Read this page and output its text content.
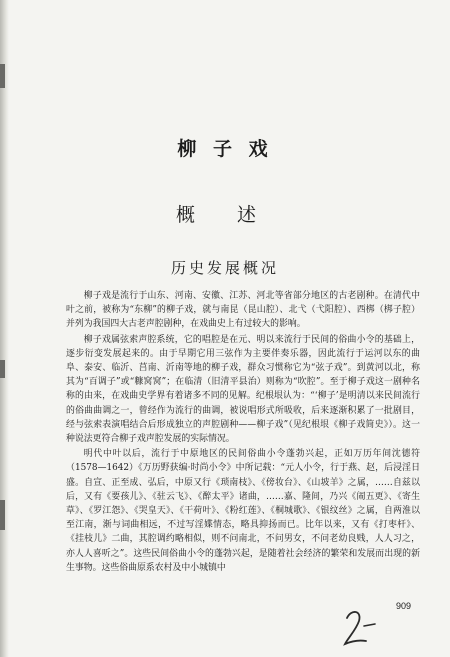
柳 子 戏
概 述
历史发展概况

柳子戏是流行于山东、河南、安徽、江苏、河北等省部分地区的古老剧种。在清代中叶之前，被称为“东柳”的柳子戏，就与南昆（昆山腔）、北弋（弋阳腔）、西梆（梆子腔）并列为我国四大古老声腔剧种，在戏曲史上有过较大的影响。

柳子戏属弦索声腔系统，它的唱腔是在元、明以来流行于民间的俗曲小令的基础上，逐步衍变发展起来的。由于早期它用三弦作为主要伴奏乐器，因此流行于运河以东的曲阜、泰安、临沂、莒南、沂南等地的柳子戏，群众习惯称它为“弦子戏”。到黄河以北，称其为“百调子”或“糠窝窝”；在临清（旧清平县治）则称为“吹腔”。至于柳子戏这一剧种名称的由来，在戏曲史学界有着诸多不同的见解。纪根垠认为：“‘柳子’是明清以来民间流行的俗曲曲调之一，曾经作为流行的曲调，被说唱形式所吸收，后来逐渐积累了一批剧目，经与弦索表演唱结合后形成独立的声腔剧种——柳子戏”（见纪根垠《柳子戏简史》）。这一种说法更符合柳子戏声腔发展的实际情况。

明代中叶以后，流行于中原地区的民间俗曲小令蓬勃兴起，正如万历年间沈德符（1578—1642）《万历野获编·时尚小令》中所记载：“元人小令，行于燕、赵，后浸淫日盛。自宣、正至成、弘后，中原又行《琐南枝》、《傍妆台》、《山坡羊》之属，……自兹以后，又有《要孩儿》、《驻云飞》、《醉太平》诸曲，……嘉、隆间，乃兴《闹五更》、《寄生草》、《罗江怨》、《哭皇天》、《干荷叶》、《粉红莲》、《桐城歌》、《银纹丝》之属，自两淮以至江南，渐与词曲相远，不过写淫媟情态，略具抑扬而已。比年以来，又有《打枣杆》、《挂枝儿》二曲，其腔调约略相似，则不问南北，不问男女，不问老幼良贱，人人习之，亦人人喜听之”。这些民间俗曲小令的蓬勃兴起，是随着社会经济的繁荣和发展而出现的新生事物。这些俗曲原系农村及中小城镇中

909
